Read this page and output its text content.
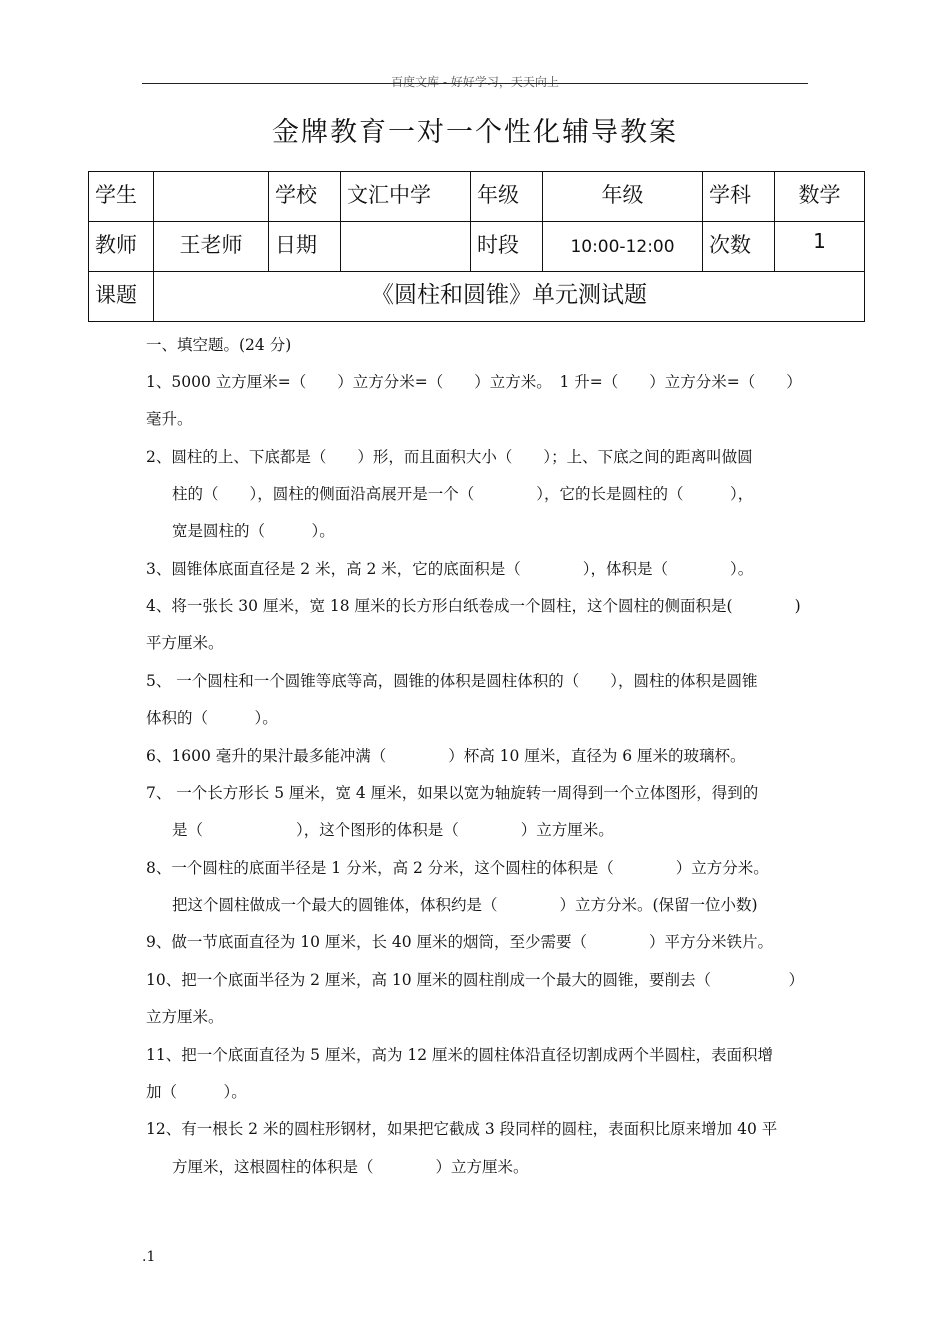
百度文库 - 好好学习，天天向上
金牌教育一对一个性化辅导教案
学生		学校	文汇中学	年级	年级	学科	数学
教师	王老师	日期		时段	10:00-12:00	次数	1
课题	《圆柱和圆锥》单元测试题						
一、填空题。(24 分)
1、5000 立方厘米=（　　）立方分米=（　　）立方米。　1 升=（　　）立方分米=（　　）
毫升。
2、圆柱的上、下底都是（　　）形，而且面积大小（　　）；上、下底之间的距离叫做圆
柱的（　　），圆柱的侧面沿高展开是一个（　　　　），它的长是圆柱的（　　　），
宽是圆柱的（　　　）。
3、圆锥体底面直径是 2 米，高 2 米，它的底面积是（　　　　），体积是（　　　　）。
4、将一张长 30 厘米，宽 18 厘米的长方形白纸卷成一个圆柱，这个圆柱的侧面积是(　　　　)
平方厘米。
5、 一个圆柱和一个圆锥等底等高，圆锥的体积是圆柱体积的（　　），圆柱的体积是圆锥
体积的（　　　）。
6、1600 毫升的果汁最多能冲满（　　　　）杯高 10 厘米，直径为 6 厘米的玻璃杯。
7、 一个长方形长 5 厘米，宽 4 厘米，如果以宽为轴旋转一周得到一个立体图形，得到的
是（　　　　　　），这个图形的体积是（　　　　）立方厘米。
8、一个圆柱的底面半径是 1 分米，高 2 分米，这个圆柱的体积是（　　　　）立方分米。
把这个圆柱做成一个最大的圆锥体，体积约是（　　　　）立方分米。(保留一位小数)
9、做一节底面直径为 10 厘米，长 40 厘米的烟筒，至少需要（　　　　）平方分米铁片。
10、把一个底面半径为 2 厘米，高 10 厘米的圆柱削成一个最大的圆锥，要削去（　　　　　）
立方厘米。
11、把一个底面直径为 5 厘米，高为 12 厘米的圆柱体沿直径切割成两个半圆柱，表面积增
加（　　　）。
12、有一根长 2 米的圆柱形钢材，如果把它截成 3 段同样的圆柱，表面积比原来增加 40 平
方厘米，这根圆柱的体积是（　　　　）立方厘米。
.1
